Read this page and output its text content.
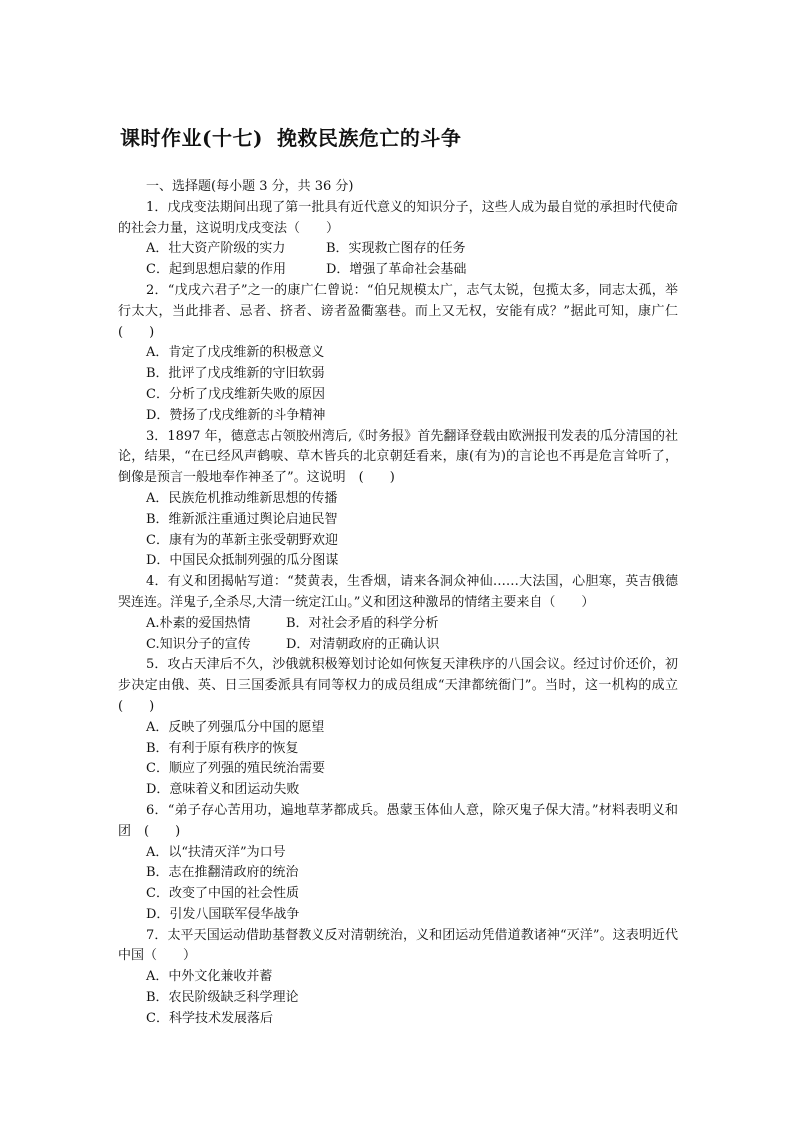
课时作业(十七) 挽救民族危亡的斗争
一、选择题(每小题 3 分，共 36 分)
1．戊戌变法期间出现了第一批具有近代意义的知识分子，这些人成为最自觉的承担时代使命的社会力量，这说明戊戌变法（　　）
A．壮大资产阶级的实力	B．实现救亡图存的任务
C．起到思想启蒙的作用	D．增强了革命社会基础
2．“戊戌六君子”之一的康广仁曾说：“伯兄规模太广，志气太锐，包揽太多，同志太孤，举行太大，当此排者、忌者、挤者、谤者盈衢塞巷。而上又无权，安能有成？”据此可知，康广仁(　　)
A．肯定了戊戌维新的积极意义
B．批评了戊戌维新的守旧软弱
C．分析了戊戌维新失败的原因
D．赞扬了戊戌维新的斗争精神
3．1897 年，德意志占领胶州湾后,《时务报》首先翻译登载由欧洲报刊发表的瓜分清国的社论，结果，“在已经风声鹤唳、草木皆兵的北京朝廷看来，康(有为)的言论也不再是危言耸听了，倒像是预言一般地奉作神圣了”。这说明　(　　)
A．民族危机推动维新思想的传播
B．维新派注重通过舆论启迪民智
C．康有为的革新主张受朝野欢迎
D．中国民众抵制列强的瓜分图谋
4．有义和团揭帖写道：“焚黄表，生香烟，请来各洞众神仙……大法国，心胆寒，英吉俄德哭连连。洋鬼子,全杀尽,大清一统定江山。”义和团这种激昂的情绪主要来自（　　）
A.朴素的爱国热情	B．对社会矛盾的科学分析
C.知识分子的宣传	D．对清朝政府的正确认识
5．攻占天津后不久，沙俄就积极筹划讨论如何恢复天津秩序的八国会议。经过讨价还价，初步决定由俄、英、日三国委派具有同等权力的成员组成“天津都统衙门”。当时，这一机构的成立(　　)
A．反映了列强瓜分中国的愿望
B．有利于原有秩序的恢复
C．顺应了列强的殖民统治需要
D．意味着义和团运动失败
6．“弟子存心苦用功，遍地草茅都成兵。愚蒙玉体仙人意，除灭鬼子保大清。”材料表明义和团　(　　)
A．以“扶清灭洋”为口号
B．志在推翻清政府的统治
C．改变了中国的社会性质
D．引发八国联军侵华战争
7．太平天国运动借助基督教义反对清朝统治，义和团运动凭借道教诸神“灭洋”。这表明近代中国（　　）
A．中外文化兼收并蓄
B．农民阶级缺乏科学理论
C．科学技术发展落后
